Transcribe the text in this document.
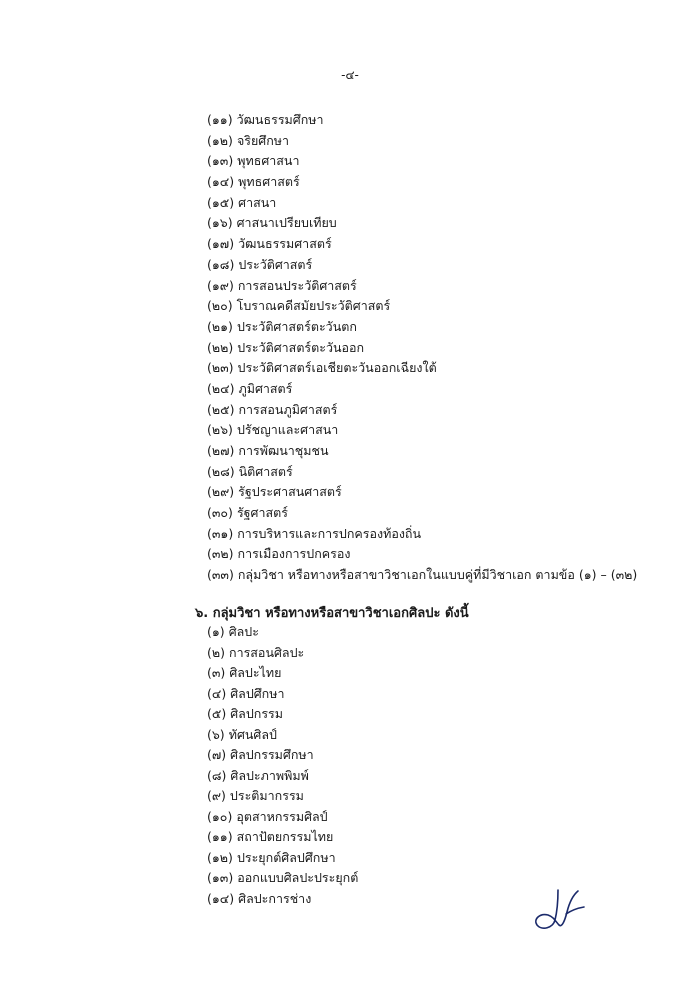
-๔-
(๑๑) วัฒนธรรมศึกษา
(๑๒) จริยศึกษา
(๑๓) พุทธศาสนา
(๑๔) พุทธศาสตร์
(๑๕) ศาสนา
(๑๖) ศาสนาเปรียบเทียบ
(๑๗) วัฒนธรรมศาสตร์
(๑๘) ประวัติศาสตร์
(๑๙) การสอนประวัติศาสตร์
(๒๐) โบราณคดีสมัยประวัติศาสตร์
(๒๑) ประวัติศาสตร์ตะวันตก
(๒๒) ประวัติศาสตร์ตะวันออก
(๒๓) ประวัติศาสตร์เอเชียตะวันออกเฉียงใต้
(๒๔) ภูมิศาสตร์
(๒๕) การสอนภูมิศาสตร์
(๒๖) ปรัชญาและศาสนา
(๒๗) การพัฒนาชุมชน
(๒๘) นิติศาสตร์
(๒๙) รัฐประศาสนศาสตร์
(๓๐) รัฐศาสตร์
(๓๑) การบริหารและการปกครองท้องถิ่น
(๓๒) การเมืองการปกครอง
(๓๓) กลุ่มวิชา หรือทางหรือสาขาวิชาเอกในแบบคู่ที่มีวิชาเอก ตามข้อ (๑) – (๓๒)
๖. กลุ่มวิชา หรือทางหรือสาขาวิชาเอกศิลปะ ดังนี้
(๑) ศิลปะ
(๒) การสอนศิลปะ
(๓) ศิลปะไทย
(๔) ศิลปศึกษา
(๕) ศิลปกรรม
(๖) ทัศนศิลป์
(๗) ศิลปกรรมศึกษา
(๘) ศิลปะภาพพิมพ์
(๙) ประติมากรรม
(๑๐) อุตสาหกรรมศิลป์
(๑๑) สถาปัตยกรรมไทย
(๑๒) ประยุกต์ศิลปศึกษา
(๑๓) ออกแบบศิลปะประยุกต์
(๑๔) ศิลปะการช่าง
